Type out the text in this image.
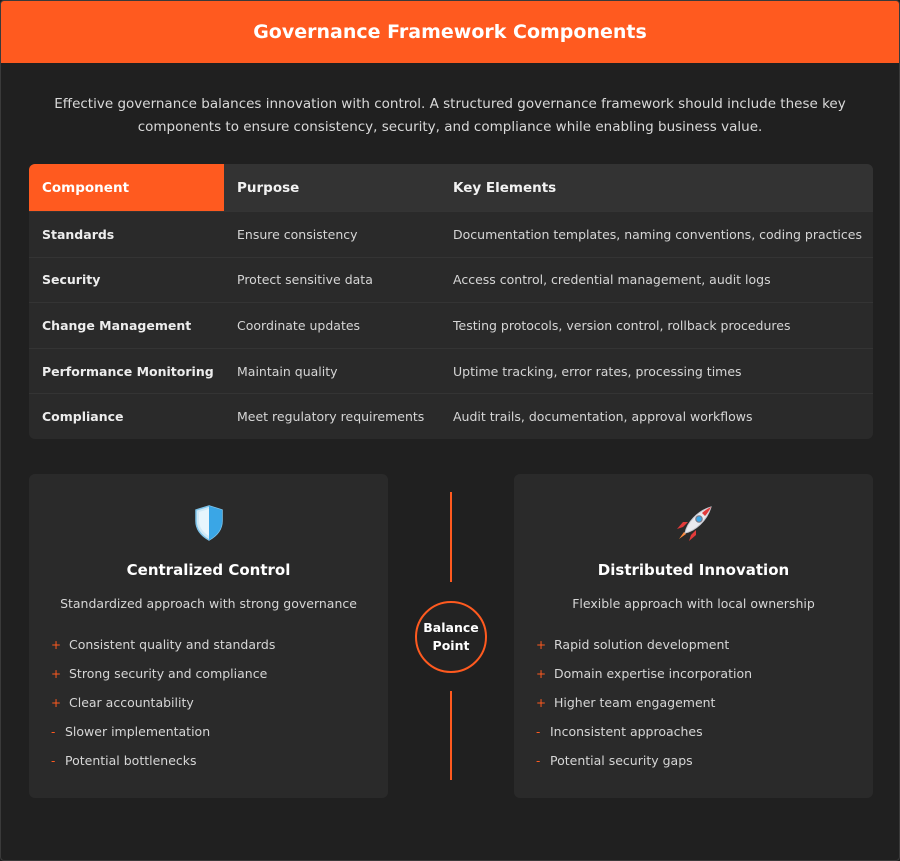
Governance Framework Components

Effective governance balances innovation with control. A structured governance framework should include these key components to ensure consistency, security, and compliance while enabling business value.

Component	Purpose	Key Elements
Standards	Ensure consistency	Documentation templates, naming conventions, coding practices
Security	Protect sensitive data	Access control, credential management, audit logs
Change Management	Coordinate updates	Testing protocols, version control, rollback procedures
Performance Monitoring	Maintain quality	Uptime tracking, error rates, processing times
Compliance	Meet regulatory requirements	Audit trails, documentation, approval workflows
Centralized Control
Standardized approach with strong governance
+ Consistent quality and standards
+ Strong security and compliance
+ Clear accountability
- Slower implementation
- Potential bottlenecks
Balance Point
Distributed Innovation
Flexible approach with local ownership
+ Rapid solution development
+ Domain expertise incorporation
+ Higher team engagement
- Inconsistent approaches
- Potential security gaps
